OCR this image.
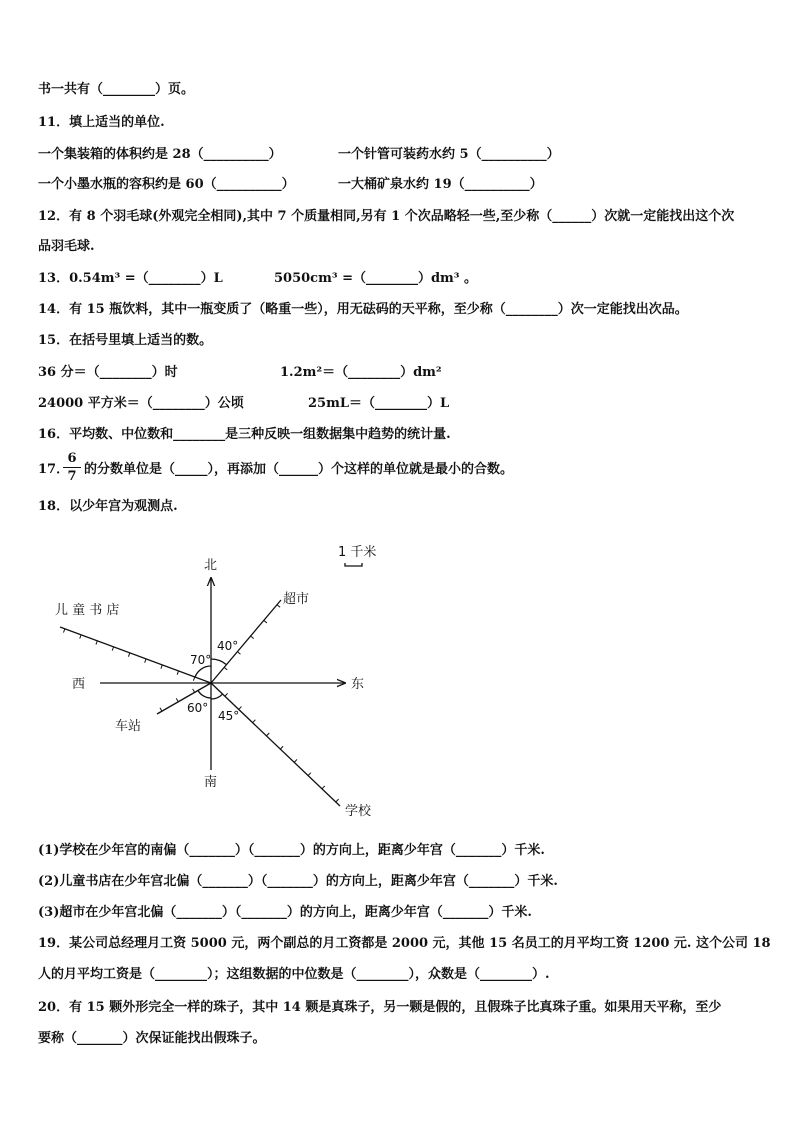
书一共有（________）页。
11．填上适当的单位.
一个集装箱的体积约是 28（__________）	一个针管可装药水约 5（__________）
一个小墨水瓶的容积约是 60（__________）	一大桶矿泉水约 19（__________）
12．有 8 个羽毛球(外观完全相同),其中 7 个质量相同,另有 1 个次品略轻一些,至少称（______）次就一定能找出这个次
品羽毛球.
13．0.54m³ =（________）L	5050cm³ =（________）dm³ 。
14．有 15 瓶饮料，其中一瓶变质了（略重一些），用无砝码的天平称，至少称（________）次一定能找出次品。
15．在括号里填上适当的数。
36 分＝（________）时	1.2m²＝（________）dm²
24000 平方米＝（________）公顷	25mL＝（________）L
16．平均数、中位数和________是三种反映一组数据集中趋势的统计量.
17．
6
7 的分数单位是（_____），再添加（______）个这样的单位就是最小的合数。
18．以少年宫为观测点.
北
南
东
西
1 千米
儿 童 书 店
超市
车站
学校
40°
70°
60°
45°
(1)学校在少年宫的南偏（_______）（_______）的方向上，距离少年宫（_______）千米.
(2)儿童书店在少年宫北偏（_______）（_______）的方向上，距离少年宫（_______）千米.
(3)超市在少年宫北偏（_______）（_______）的方向上，距离少年宫（_______）千米.
19．某公司总经理月工资 5000 元，两个副总的月工资都是 2000 元，其他 15 名员工的月平均工资 1200 元. 这个公司 18
人的月平均工资是（________）；这组数据的中位数是（________），众数是（________）.
20．有 15 颗外形完全一样的珠子，其中 14 颗是真珠子，另一颗是假的，且假珠子比真珠子重。如果用天平称，至少
要称（_______）次保证能找出假珠子。
